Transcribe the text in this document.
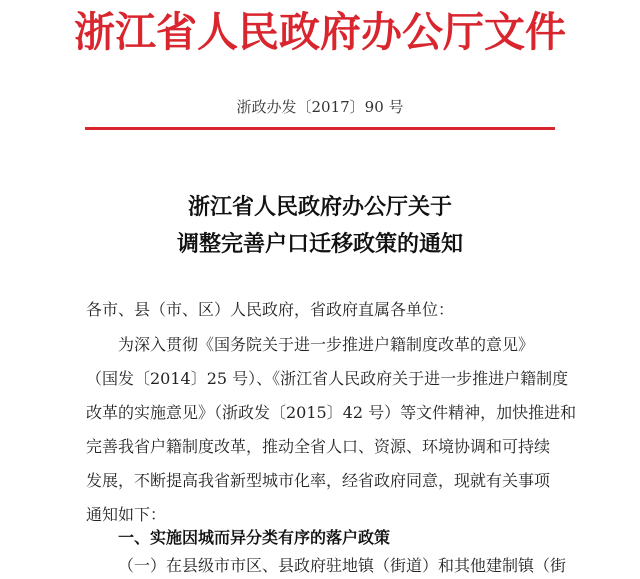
浙江省人民政府办公厅文件
浙政办发〔2017〕90 号
浙江省人民政府办公厅关于
调整完善户口迁移政策的通知
各市、县（市、区）人民政府，省政府直属各单位：
为深入贯彻《国务院关于进一步推进户籍制度改革的意见》
（国发〔2014〕25 号）、《浙江省人民政府关于进一步推进户籍制度
改革的实施意见》（浙政发〔2015〕42 号）等文件精神，加快推进和
完善我省户籍制度改革，推动全省人口、资源、环境协调和可持续
发展，不断提高我省新型城市化率，经省政府同意，现就有关事项
通知如下：
一、实施因城而异分类有序的落户政策
（一）在县级市市区、县政府驻地镇（街道）和其他建制镇（街
